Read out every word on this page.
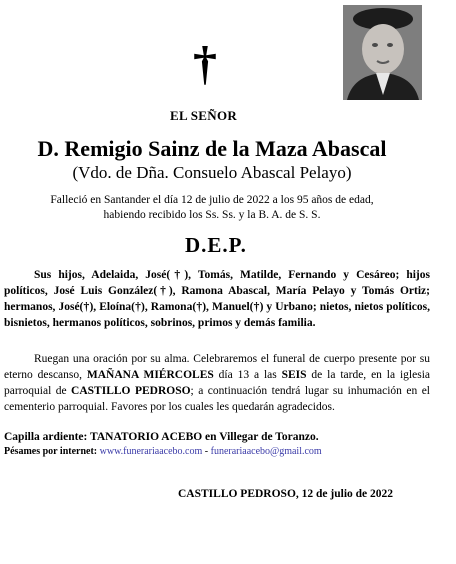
†
EL SEÑOR
D. Remigio Sainz de la Maza Abascal
(Vdo. de Dña. Consuelo Abascal Pelayo)
Falleció en Santander el día 12 de julio de 2022 a los 95 años de edad,
habiendo recibido los Ss. Ss. y la B. A. de S. S.
D.E.P.
Sus hijos, Adelaida, José(†), Tomás, Matilde, Fernando y Cesáreo; hijos políticos, José Luis González(†), Ramona Abascal, María Pelayo y Tomás Ortiz; hermanos, José(†), Eloína(†), Ramona(†), Manuel(†) y Urbano; nietos, nietos políticos, bisnietos, hermanos políticos, sobrinos, primos y demás familia.
Ruegan una oración por su alma. Celebraremos el funeral de cuerpo presente por su eterno descanso, MAÑANA MIÉRCOLES día 13 a las SEIS de la tarde, en la iglesia parroquial de CASTILLO PEDROSO; a continuación tendrá lugar su inhumación en el cementerio parroquial. Favores por los cuales les quedarán agradecidos.
Capilla ardiente: TANATORIO ACEBO en Villegar de Toranzo.
Pésames por internet: www.funerariaacebo.com - funerariaacebo@gmail.com
CASTILLO PEDROSO, 12 de julio de 2022
